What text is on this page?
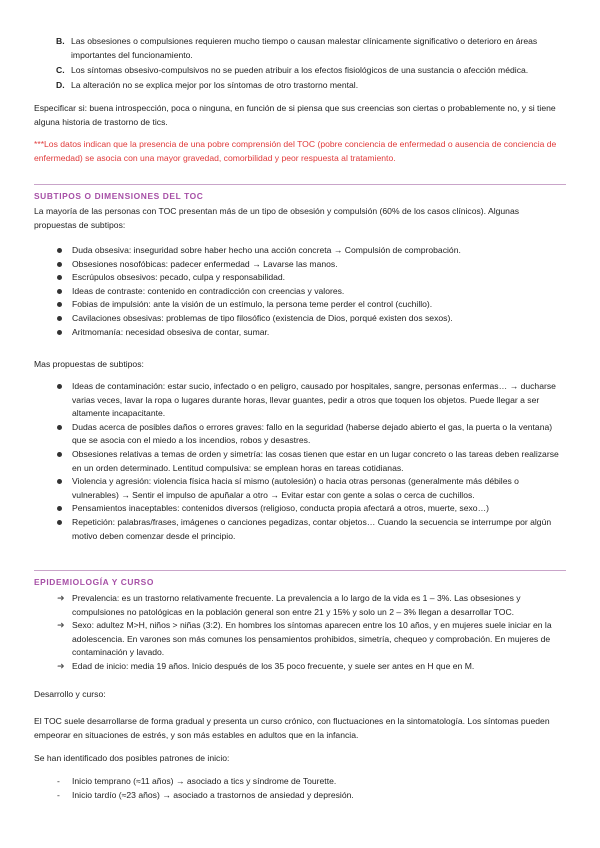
B. Las obsesiones o compulsiones requieren mucho tiempo o causan malestar clínicamente significativo o deterioro en áreas importantes del funcionamiento.
C. Los síntomas obsesivo-compulsivos no se pueden atribuir a los efectos fisiológicos de una sustancia o afección médica.
D. La alteración no se explica mejor por los síntomas de otro trastorno mental.
Especificar si: buena introspección, poca o ninguna, en función de si piensa que sus creencias son ciertas o probablemente no, y si tiene alguna historia de trastorno de tics.
***Los datos indican que la presencia de una pobre comprensión del TOC (pobre conciencia de enfermedad o ausencia de conciencia de enfermedad) se asocia con una mayor gravedad, comorbilidad y peor respuesta al tratamiento.
SUBTIPOS O DIMENSIONES DEL TOC
La mayoría de las personas con TOC presentan más de un tipo de obsesión y compulsión (60% de los casos clínicos). Algunas propuestas de subtipos:
Duda obsesiva: inseguridad sobre haber hecho una acción concreta → Compulsión de comprobación.
Obsesiones nosofóbicas: padecer enfermedad → Lavarse las manos.
Escrúpulos obsesivos: pecado, culpa y responsabilidad.
Ideas de contraste: contenido en contradicción con creencias y valores.
Fobias de impulsión: ante la visión de un estímulo, la persona teme perder el control (cuchillo).
Cavilaciones obsesivas: problemas de tipo filosófico (existencia de Dios, porqué existen dos sexos).
Aritmomanía: necesidad obsesiva de contar, sumar.
Mas propuestas de subtipos:
Ideas de contaminación: estar sucio, infectado o en peligro, causado por hospitales, sangre, personas enfermas… → ducharse varias veces, lavar la ropa o lugares durante horas, llevar guantes, pedir a otros que toquen los objetos. Puede llegar a ser altamente incapacitante.
Dudas acerca de posibles daños o errores graves: fallo en la seguridad (haberse dejado abierto el gas, la puerta o la ventana) que se asocia con el miedo a los incendios, robos y desastres.
Obsesiones relativas a temas de orden y simetría: las cosas tienen que estar en un lugar concreto o las tareas deben realizarse en un orden determinado. Lentitud compulsiva: se emplean horas en tareas cotidianas.
Violencia y agresión: violencia física hacia sí mismo (autolesión) o hacia otras personas (generalmente más débiles o vulnerables) → Sentir el impulso de apuñalar a otro → Evitar estar con gente a solas o cerca de cuchillos.
Pensamientos inaceptables: contenidos diversos (religioso, conducta propia afectará a otros, muerte, sexo…)
Repetición: palabras/frases, imágenes o canciones pegadizas, contar objetos… Cuando la secuencia se interrumpe por algún motivo deben comenzar desde el principio.
EPIDEMIOLOGÍA Y CURSO
➜ Prevalencia: es un trastorno relativamente frecuente. La prevalencia a lo largo de la vida es 1 – 3%. Las obsesiones y compulsiones no patológicas en la población general son entre 21 y 15% y solo un 2 – 3% llegan a desarrollar TOC.
➜ Sexo: adultez M>H, niños > niñas (3:2). En hombres los síntomas aparecen entre los 10 años, y en mujeres suele iniciar en la adolescencia. En varones son más comunes los pensamientos prohibidos, simetría, chequeo y comprobación. En mujeres de contaminación y lavado.
➜ Edad de inicio: media 19 años. Inicio después de los 35 poco frecuente, y suele ser antes en H que en M.
Desarrollo y curso:
El TOC suele desarrollarse de forma gradual y presenta un curso crónico, con fluctuaciones en la sintomatología. Los síntomas pueden empeorar en situaciones de estrés, y son más estables en adultos que en la infancia.
Se han identificado dos posibles patrones de inicio:
- Inicio temprano (≈11 años) → asociado a tics y síndrome de Tourette.
- Inicio tardío (≈23 años) → asociado a trastornos de ansiedad y depresión.
